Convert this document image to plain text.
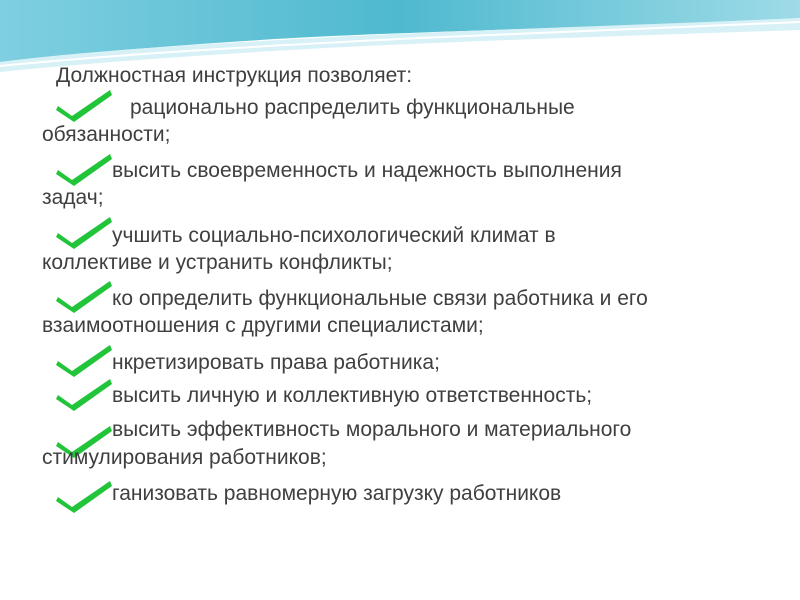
Должностная инструкция позволяет:
рационально распределить функциональные
обязанности;
высить своевременность и надежность выполнения
задач;
учшить социально-психологический климат в
коллективе и устранить конфликты;
ко определить функциональные связи работника и его
взаимоотношения с другими специалистами;
нкретизировать права работника;
высить личную и коллективную ответственность;
высить эффективность морального и материального
стимулирования работников;
ганизовать равномерную загрузку работников
